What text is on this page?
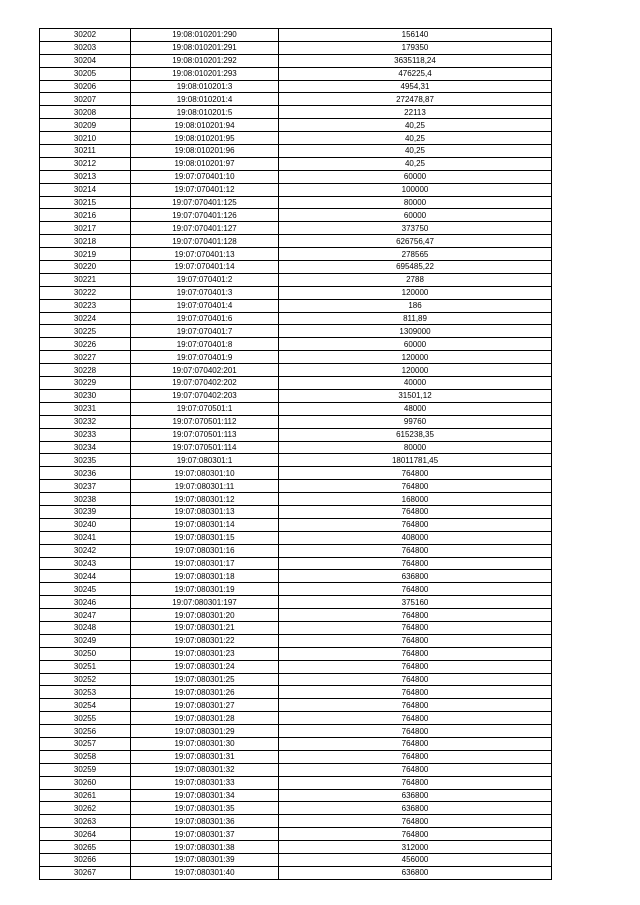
30202	19:08:010201:290	156140
30203	19:08:010201:291	179350
30204	19:08:010201:292	3635118,24
30205	19:08:010201:293	476225,4
30206	19:08:010201:3	4954,31
30207	19:08:010201:4	272478,87
30208	19:08:010201:5	22113
30209	19:08:010201:94	40,25
30210	19:08:010201:95	40,25
30211	19:08:010201:96	40,25
30212	19:08:010201:97	40,25
30213	19:07:070401:10	60000
30214	19:07:070401:12	100000
30215	19:07:070401:125	80000
30216	19:07:070401:126	60000
30217	19:07:070401:127	373750
30218	19:07:070401:128	626756,47
30219	19:07:070401:13	278565
30220	19:07:070401:14	695485,22
30221	19:07:070401:2	2788
30222	19:07:070401:3	120000
30223	19:07:070401:4	186
30224	19:07:070401:6	811,89
30225	19:07:070401:7	1309000
30226	19:07:070401:8	60000
30227	19:07:070401:9	120000
30228	19:07:070402:201	120000
30229	19:07:070402:202	40000
30230	19:07:070402:203	31501,12
30231	19:07:070501:1	48000
30232	19:07:070501:112	99760
30233	19:07:070501:113	615238,35
30234	19:07:070501:114	80000
30235	19:07:080301:1	18011781,45
30236	19:07:080301:10	764800
30237	19:07:080301:11	764800
30238	19:07:080301:12	168000
30239	19:07:080301:13	764800
30240	19:07:080301:14	764800
30241	19:07:080301:15	408000
30242	19:07:080301:16	764800
30243	19:07:080301:17	764800
30244	19:07:080301:18	636800
30245	19:07:080301:19	764800
30246	19:07:080301:197	375160
30247	19:07:080301:20	764800
30248	19:07:080301:21	764800
30249	19:07:080301:22	764800
30250	19:07:080301:23	764800
30251	19:07:080301:24	764800
30252	19:07:080301:25	764800
30253	19:07:080301:26	764800
30254	19:07:080301:27	764800
30255	19:07:080301:28	764800
30256	19:07:080301:29	764800
30257	19:07:080301:30	764800
30258	19:07:080301:31	764800
30259	19:07:080301:32	764800
30260	19:07:080301:33	764800
30261	19:07:080301:34	636800
30262	19:07:080301:35	636800
30263	19:07:080301:36	764800
30264	19:07:080301:37	764800
30265	19:07:080301:38	312000
30266	19:07:080301:39	456000
30267	19:07:080301:40	636800
